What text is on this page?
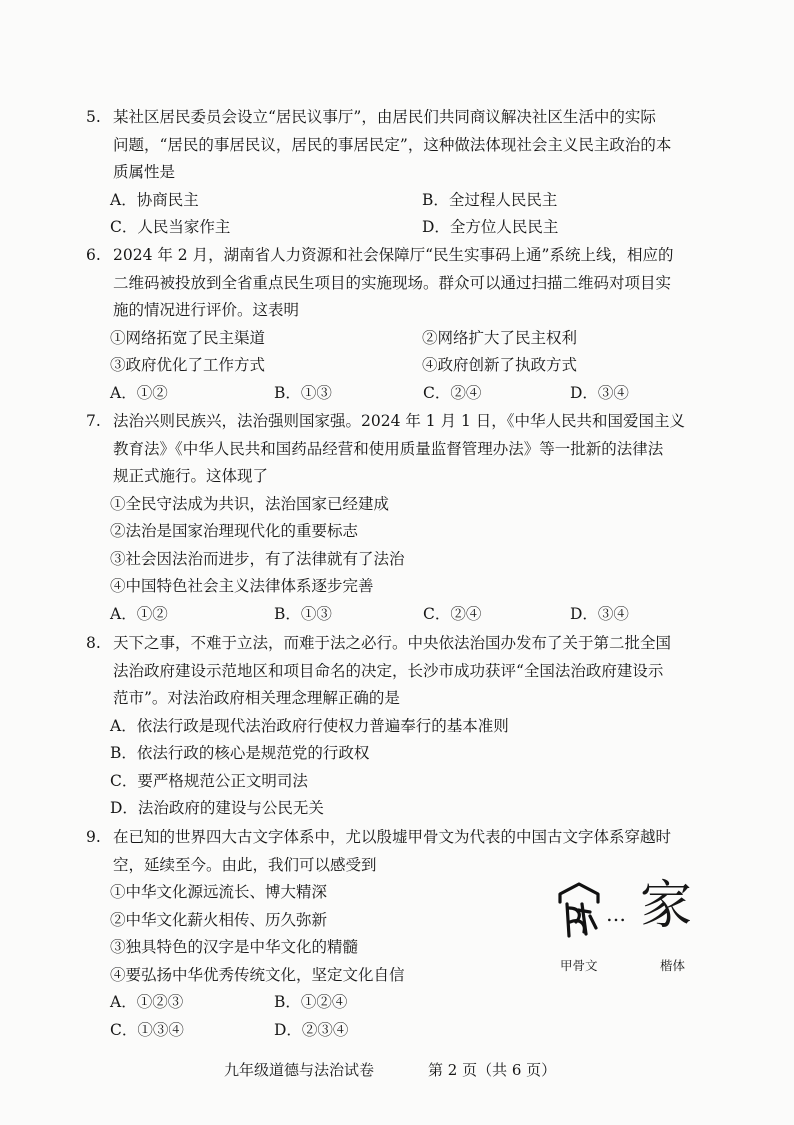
5. 某社区居民委员会设立“居民议事厅”，由居民们共同商议解决社区生活中的实际
问题，“居民的事居民议，居民的事居民定”，这种做法体现社会主义民主政治的本
质属性是
A．协商民主	B．全过程人民民主
C．人民当家作主	D．全方位人民民主
6. 2024 年 2 月，湖南省人力资源和社会保障厅“民生实事码上通”系统上线，相应的
二维码被投放到全省重点民生项目的实施现场。群众可以通过扫描二维码对项目实
施的情况进行评价。这表明
①网络拓宽了民主渠道	②网络扩大了民主权利
③政府优化了工作方式	④政府创新了执政方式
A．①②	B．①③	C．②④	D．③④
7. 法治兴则民族兴，法治强则国家强。2024 年 1 月 1 日，《中华人民共和国爱国主义
教育法》《中华人民共和国药品经营和使用质量监督管理办法》等一批新的法律法
规正式施行。这体现了
①全民守法成为共识，法治国家已经建成
②法治是国家治理现代化的重要标志
③社会因法治而进步，有了法律就有了法治
④中国特色社会主义法律体系逐步完善
A．①②	B．①③	C．②④	D．③④
8. 天下之事，不难于立法，而难于法之必行。中央依法治国办发布了关于第二批全国
法治政府建设示范地区和项目命名的决定，长沙市成功获评“全国法治政府建设示
范市”。对法治政府相关理念理解正确的是
A．依法行政是现代法治政府行使权力普遍奉行的基本准则
B．依法行政的核心是规范党的行政权
C．要严格规范公正文明司法
D．法治政府的建设与公民无关
9. 在已知的世界四大古文字体系中，尤以殷墟甲骨文为代表的中国古文字体系穿越时
空，延续至今。由此，我们可以感受到
①中华文化源远流长、博大精深
②中华文化薪火相传、历久弥新
③独具特色的汉字是中华文化的精髓
④要弘扬中华优秀传统文化，坚定文化自信
A．①②③	B．①②④
C．①③④	D．②③④
… 家
甲骨文	楷体
九年级道德与法治试卷	第 2 页（共 6 页）
